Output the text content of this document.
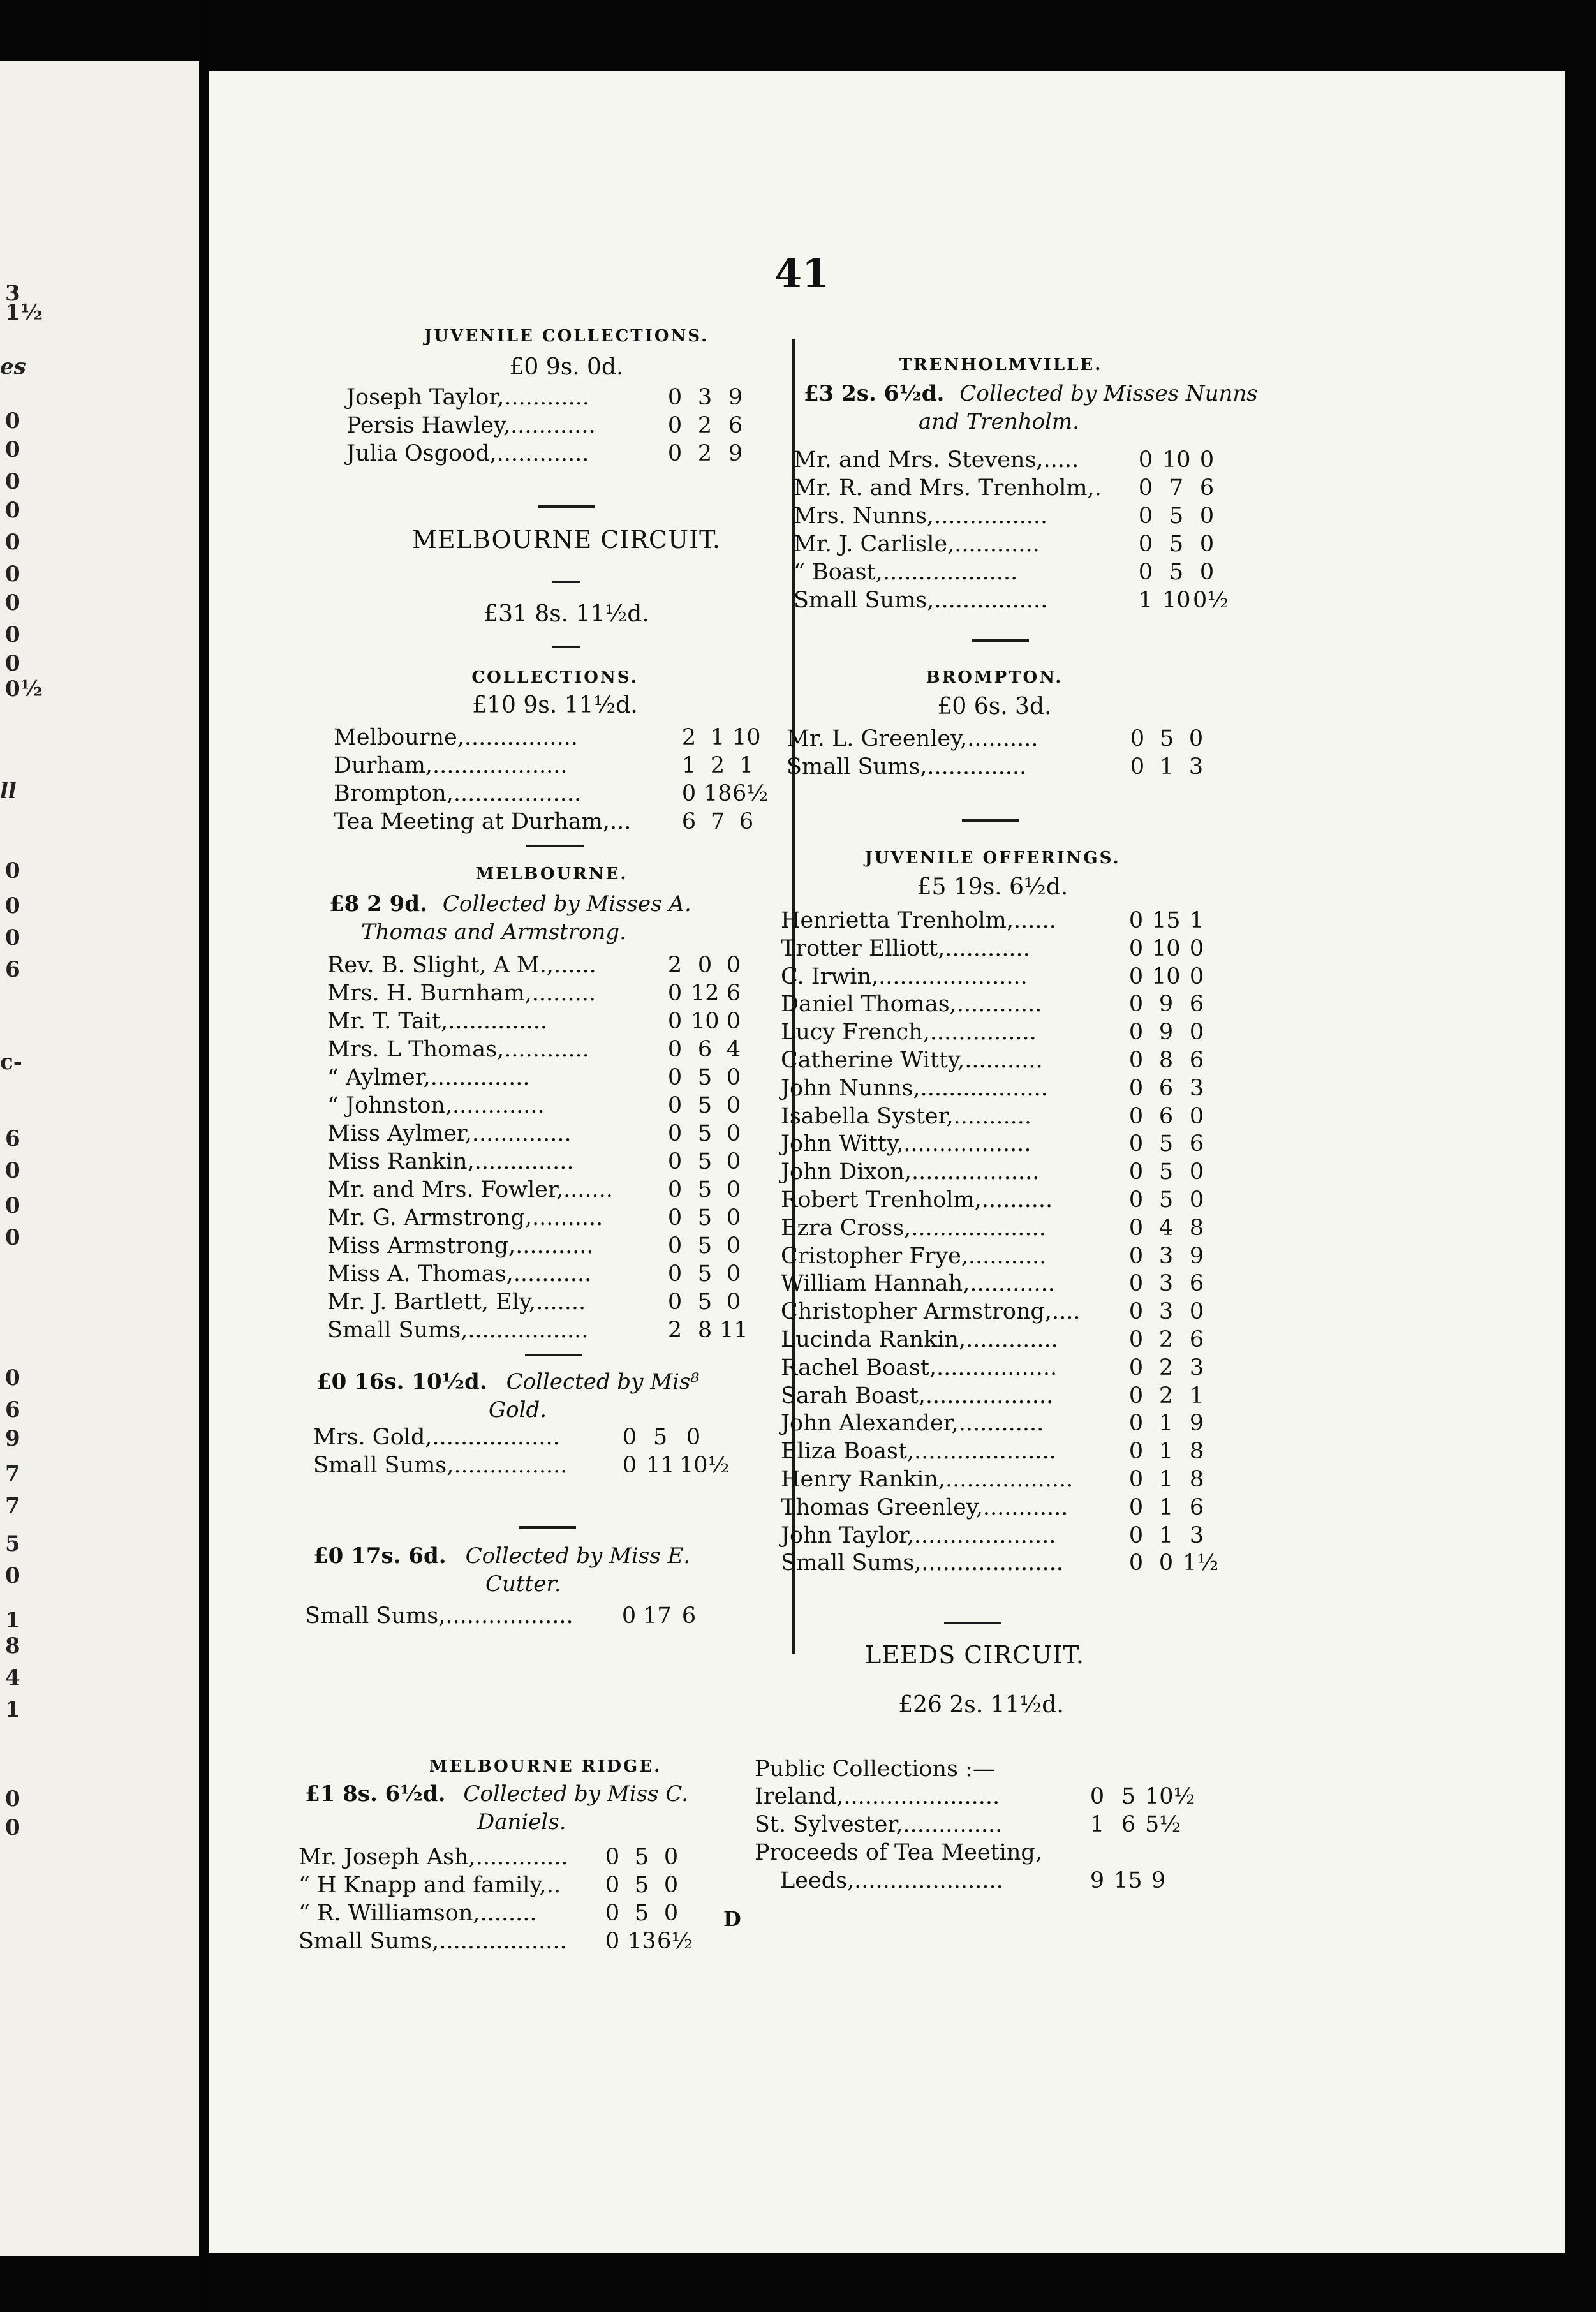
3
1½
es
0
0
0
0
0
0
0
0
0
0½
ll
0
0
0
6
c-
6
0
0
0
0
6
9
7
7
5
0
1
8
4
1
0
0
41
JUVENILE COLLECTIONS.
£0 9s. 0d.
Joseph Taylor,............	0 3 9
Persis Hawley,............	0 2 6
Julia Osgood,.............	0 2 9
MELBOURNE CIRCUIT.
£31 8s. 11½d.
COLLECTIONS.
£10 9s. 11½d.
Melbourne,................	2 1 10
Durham,...................	1 2 1
Brompton,..................	0 18 6½
Tea Meeting at Durham,...	6 7 6
MELBOURNE.
£8 2 9d. Collected by Misses A.
Thomas and Armstrong.
Rev. B. Slight, A M.,......	2 0 0
Mrs. H. Burnham,.........	0 12 6
Mr. T. Tait,..............	0 10 0
Mrs. L Thomas,............	0 6 4
“ Aylmer,..............	0 5 0
“ Johnston,.............	0 5 0
Miss Aylmer,..............	0 5 0
Miss Rankin,..............	0 5 0
Mr. and Mrs. Fowler,.......	0 5 0
Mr. G. Armstrong,..........	0 5 0
Miss Armstrong,...........	0 5 0
Miss A. Thomas,...........	0 5 0
Mr. J. Bartlett, Ely,.......	0 5 0
Small Sums,.................	2 8 11
£0 16s. 10½d. Collected by Mis⁸
Gold.
Mrs. Gold,..................	0 5 0
Small Sums,................	0 11 10½
£0 17s. 6d. Collected by Miss E.
Cutter.
Small Sums,..................	0 17 6
MELBOURNE RIDGE.
£1 8s. 6½d. Collected by Miss C.
Daniels.
Mr. Joseph Ash,.............	0 5 0
“ H Knapp and family,..	0 5 0
“ R. Williamson,........	0 5 0
Small Sums,..................	0 13 6½
TRENHOLMVILLE.
£3 2s. 6½d. Collected by Misses Nunns
and Trenholm.
Mr. and Mrs. Stevens,.....	0 10 0
Mr. R. and Mrs. Trenholm,.	0 7 6
Mrs. Nunns,................	0 5 0
Mr. J. Carlisle,............	0 5 0
“ Boast,...................	0 5 0
Small Sums,................	1 10 0½
BROMPTON.
£0 6s. 3d.
Mr. L. Greenley,..........	0 5 0
Small Sums,..............	0 1 3
JUVENILE OFFERINGS.
£5 19s. 6½d.
Henrietta Trenholm,......	0 15 1
Trotter Elliott,............	0 10 0
C. Irwin,.....................	0 10 0
Daniel Thomas,............	0 9 6
Lucy French,...............	0 9 0
Catherine Witty,...........	0 8 6
John Nunns,..................	0 6 3
Isabella Syster,...........	0 6 0
John Witty,..................	0 5 6
John Dixon,..................	0 5 0
Robert Trenholm,..........	0 5 0
Ezra Cross,...................	0 4 8
Cristopher Frye,...........	0 3 9
William Hannah,............	0 3 6
Christopher Armstrong,....	0 3 0
Lucinda Rankin,.............	0 2 6
Rachel Boast,.................	0 2 3
Sarah Boast,..................	0 2 1
John Alexander,............	0 1 9
Eliza Boast,....................	0 1 8
Henry Rankin,..................	0 1 8
Thomas Greenley,............	0 1 6
John Taylor,....................	0 1 3
Small Sums,....................	0 0 1½
LEEDS CIRCUIT.
£26 2s. 11½d.
Public Collections :—
Ireland,......................	0 5 10½
St. Sylvester,..............	1 6 5½
Proceeds of Tea Meeting,
Leeds,.....................	9 15 9
D
